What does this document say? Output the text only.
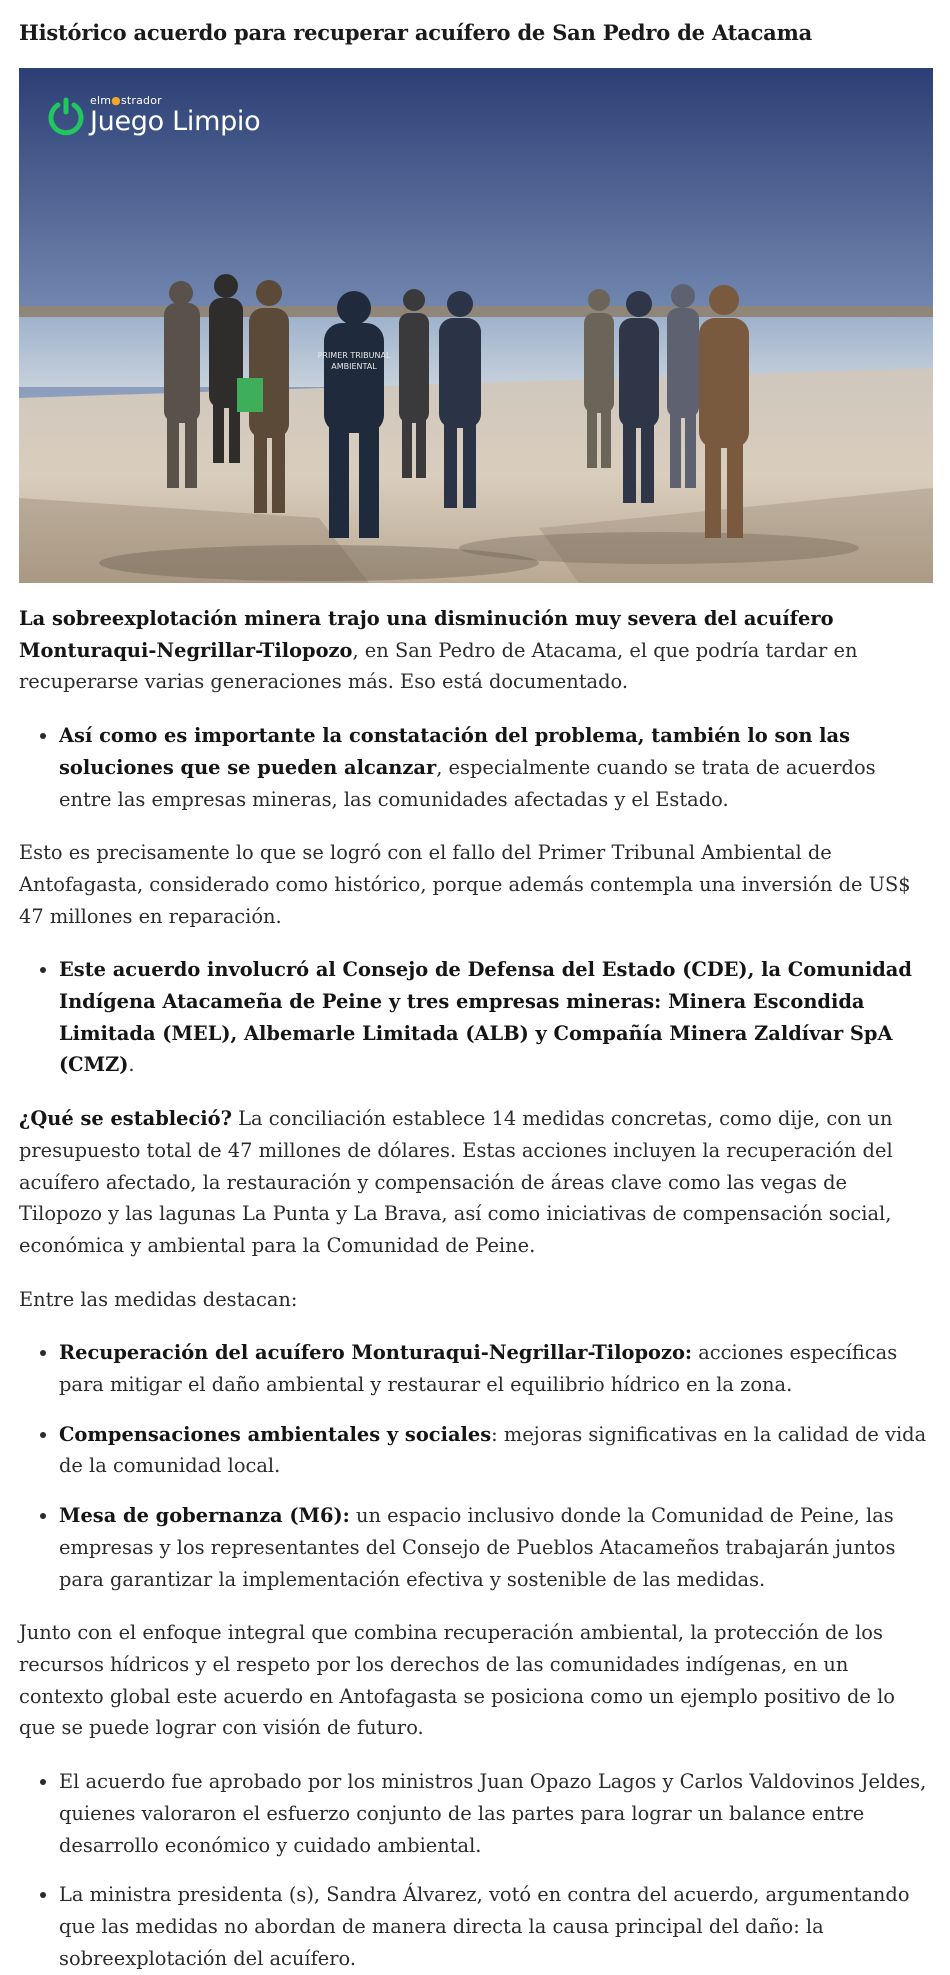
Histórico acuerdo para recuperar acuífero de San Pedro de Atacama
PRIMER TRIBUNAL
AMBIENTAL
elm●strador
Juego Limpio

La sobreexplotación minera trajo una disminución muy severa del acuífero Monturaqui-Negrillar-Tilopozo, en San Pedro de Atacama, el que podría tardar en recuperarse varias generaciones más. Eso está documentado.

• Así como es importante la constatación del problema, también lo son las soluciones que se pueden alcanzar, especialmente cuando se trata de acuerdos entre las empresas mineras, las comunidades afectadas y el Estado.

Esto es precisamente lo que se logró con el fallo del Primer Tribunal Ambiental de Antofagasta, considerado como histórico, porque además contempla una inversión de US$ 47 millones en reparación.

• Este acuerdo involucró al Consejo de Defensa del Estado (CDE), la Comunidad Indígena Atacameña de Peine y tres empresas mineras: Minera Escondida Limitada (MEL), Albemarle Limitada (ALB) y Compañía Minera Zaldívar SpA (CMZ).

¿Qué se estableció? La conciliación establece 14 medidas concretas, como dije, con un presupuesto total de 47 millones de dólares. Estas acciones incluyen la recuperación del acuífero afectado, la restauración y compensación de áreas clave como las vegas de Tilopozo y las lagunas La Punta y La Brava, así como iniciativas de compensación social, económica y ambiental para la Comunidad de Peine.

Entre las medidas destacan:

• Recuperación del acuífero Monturaqui-Negrillar-Tilopozo: acciones específicas para mitigar el daño ambiental y restaurar el equilibrio hídrico en la zona.
• Compensaciones ambientales y sociales: mejoras significativas en la calidad de vida de la comunidad local.
• Mesa de gobernanza (M6): un espacio inclusivo donde la Comunidad de Peine, las empresas y los representantes del Consejo de Pueblos Atacameños trabajarán juntos para garantizar la implementación efectiva y sostenible de las medidas.

Junto con el enfoque integral que combina recuperación ambiental, la protección de los recursos hídricos y el respeto por los derechos de las comunidades indígenas, en un contexto global este acuerdo en Antofagasta se posiciona como un ejemplo positivo de lo que se puede lograr con visión de futuro.

• El acuerdo fue aprobado por los ministros Juan Opazo Lagos y Carlos Valdovinos Jeldes, quienes valoraron el esfuerzo conjunto de las partes para lograr un balance entre desarrollo económico y cuidado ambiental.
• La ministra presidenta (s), Sandra Álvarez, votó en contra del acuerdo, argumentando que las medidas no abordan de manera directa la causa principal del daño: la sobreexplotación del acuífero.
